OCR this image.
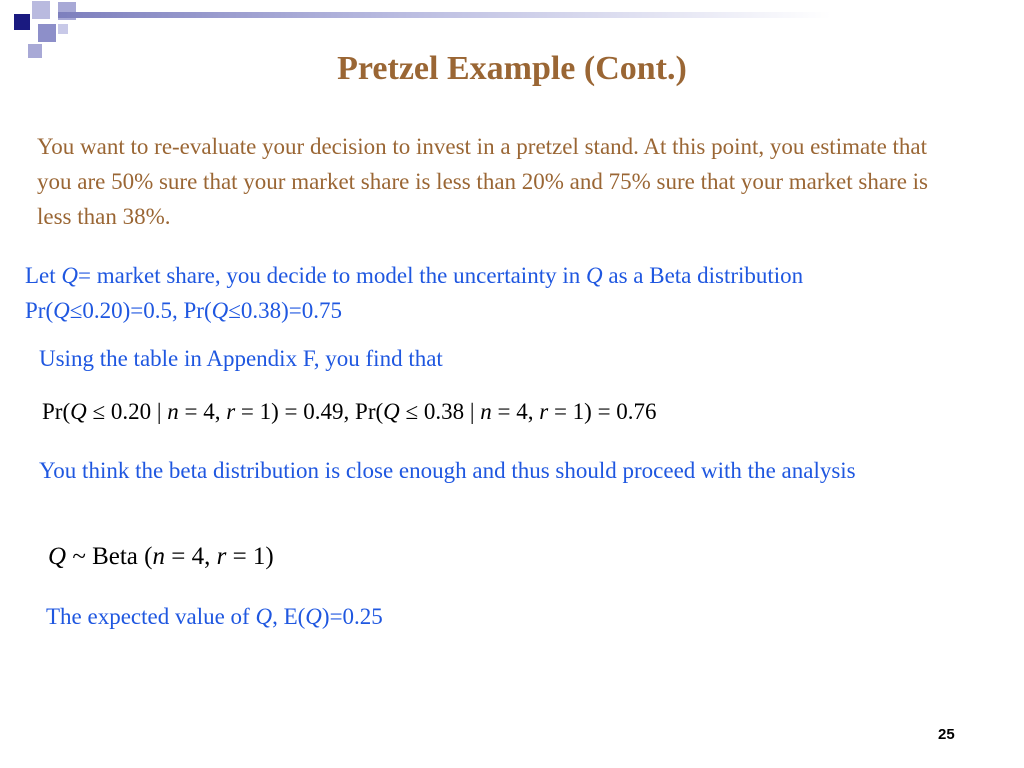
Pretzel Example (Cont.)
You want to re-evaluate your decision to invest in a pretzel stand. At this point, you estimate that you are 50% sure that your market share is less than 20% and 75% sure that your market share is less than 38%.
Let Q= market share, you decide to model the uncertainty in Q as a Beta distribution
Pr(Q≤0.20)=0.5, Pr(Q≤0.38)=0.75
Using the table in Appendix F, you find that
Pr(Q ≤ 0.20 | n = 4, r = 1) = 0.49, Pr(Q ≤ 0.38 | n = 4, r = 1) = 0.76
You think the beta distribution is close enough and thus should proceed with the analysis
Q ~ Beta (n = 4, r = 1)
The expected value of Q, E(Q)=0.25
25
